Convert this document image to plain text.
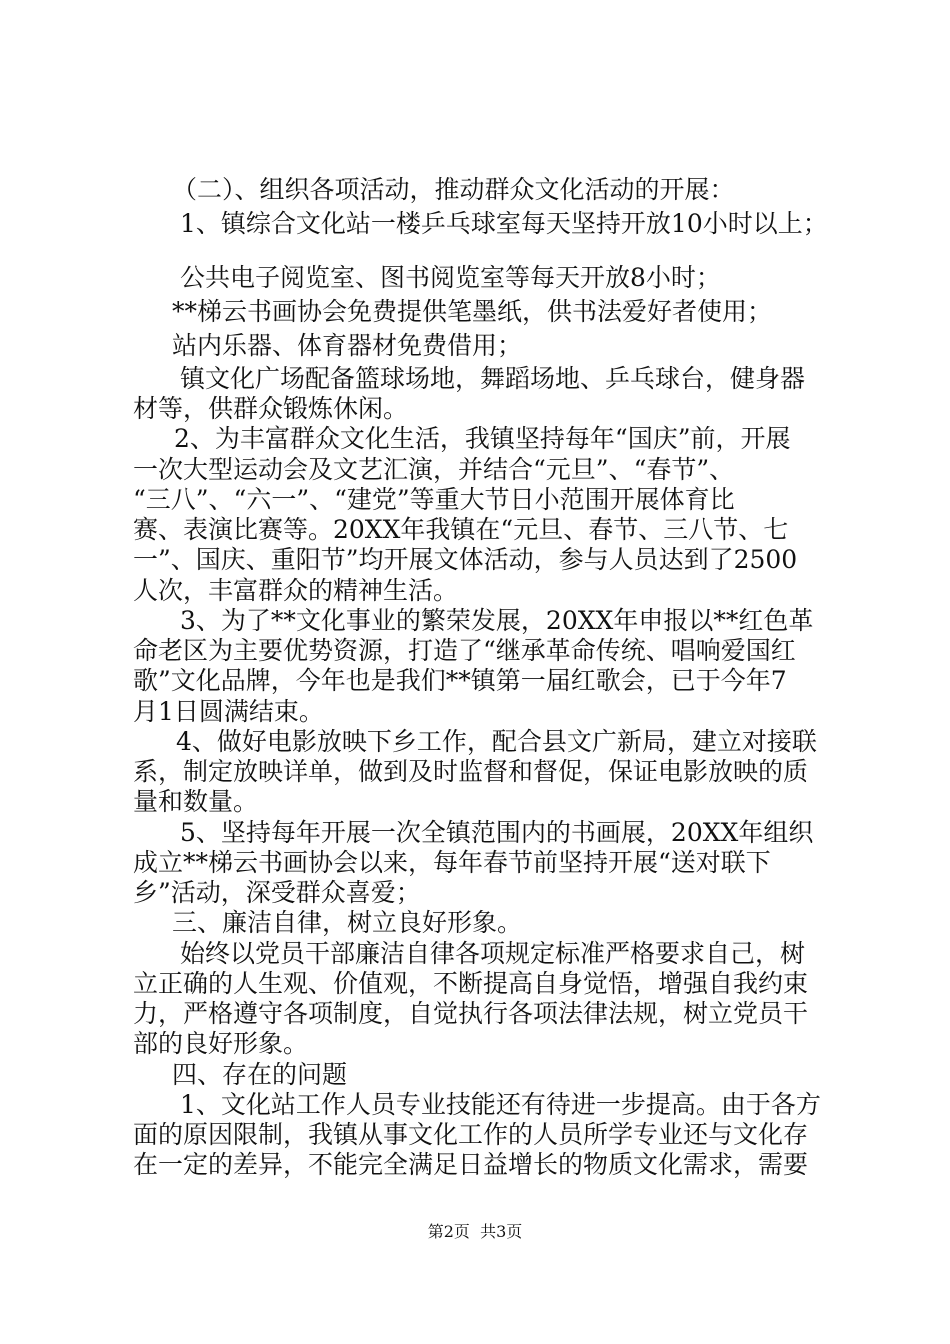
（二）、组织各项活动，推动群众文化活动的开展：
1、镇综合文化站一楼乒乓球室每天坚持开放10小时以上；
公共电子阅览室、图书阅览室等每天开放8小时；
**梯云书画协会免费提供笔墨纸，供书法爱好者使用；
站内乐器、体育器材免费借用；
镇文化广场配备篮球场地，舞蹈场地、乒乓球台，健身器
材等，供群众锻炼休闲。
2、为丰富群众文化生活，我镇坚持每年“国庆”前，开展
一次大型运动会及文艺汇演，并结合“元旦”、“春节”、
“三八”、“六一”、“建党”等重大节日小范围开展体育比
赛、表演比赛等。20XX年我镇在“元旦、春节、三八节、七
一”、国庆、重阳节”均开展文体活动，参与人员达到了2500
人次，丰富群众的精神生活。
3、为了**文化事业的繁荣发展，20XX年申报以**红色革
命老区为主要优势资源，打造了“继承革命传统、唱响爱国红
歌”文化品牌，今年也是我们**镇第一届红歌会，已于今年7
月1日圆满结束。
4、做好电影放映下乡工作，配合县文广新局，建立对接联
系，制定放映详单，做到及时监督和督促，保证电影放映的质
量和数量。
5、坚持每年开展一次全镇范围内的书画展，20XX年组织
成立**梯云书画协会以来，每年春节前坚持开展“送对联下
乡”活动，深受群众喜爱；
三、廉洁自律，树立良好形象。
始终以党员干部廉洁自律各项规定标准严格要求自己，树
立正确的人生观、价值观，不断提高自身觉悟，增强自我约束
力，严格遵守各项制度，自觉执行各项法律法规，树立党员干
部的良好形象。
四、存在的问题
1、文化站工作人员专业技能还有待进一步提高。由于各方
面的原因限制，我镇从事文化工作的人员所学专业还与文化存
在一定的差异，不能完全满足日益增长的物质文化需求，需要
第2页  共3页
